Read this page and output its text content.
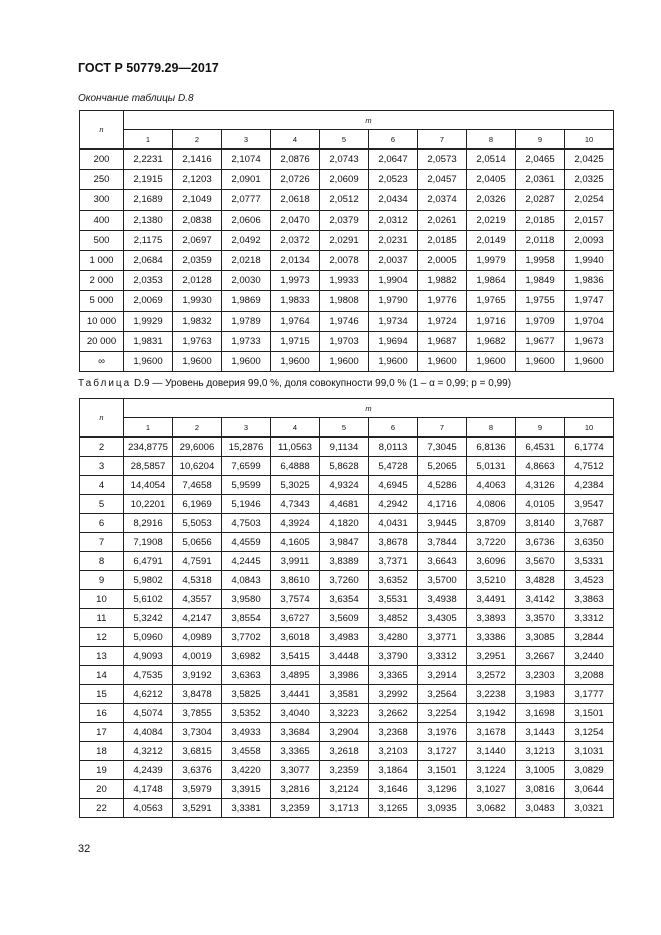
ГОСТ Р 50779.29—2017
Окончание таблицы D.8
n	m									
	1	2	3	4	5	6	7	8	9	10
200	2,2231	2,1416	2,1074	2,0876	2,0743	2,0647	2,0573	2,0514	2,0465	2,0425
250	2,1915	2,1203	2,0901	2,0726	2,0609	2,0523	2,0457	2,0405	2,0361	2,0325
300	2,1689	2,1049	2,0777	2,0618	2,0512	2,0434	2,0374	2,0326	2,0287	2,0254
400	2,1380	2,0838	2,0606	2,0470	2,0379	2,0312	2,0261	2,0219	2,0185	2,0157
500	2,1175	2,0697	2,0492	2,0372	2,0291	2,0231	2,0185	2,0149	2,0118	2,0093
1 000	2,0684	2,0359	2,0218	2,0134	2,0078	2,0037	2,0005	1,9979	1,9958	1,9940
2 000	2,0353	2,0128	2,0030	1,9973	1,9933	1,9904	1,9882	1,9864	1,9849	1,9836
5 000	2,0069	1,9930	1,9869	1,9833	1,9808	1,9790	1,9776	1,9765	1,9755	1,9747
10 000	1,9929	1,9832	1,9789	1,9764	1,9746	1,9734	1,9724	1,9716	1,9709	1,9704
20 000	1,9831	1,9763	1,9733	1,9715	1,9703	1,9694	1,9687	1,9682	1,9677	1,9673
∞	1,9600	1,9600	1,9600	1,9600	1,9600	1,9600	1,9600	1,9600	1,9600	1,9600
Таблица D.9 — Уровень доверия 99,0 %, доля совокупности 99,0 % (1 – α = 0,99; p = 0,99)
n	m									
	1	2	3	4	5	6	7	8	9	10
2	234,8775	29,6006	15,2876	11,0563	9,1134	8,0113	7,3045	6,8136	6,4531	6,1774
3	28,5857	10,6204	7,6599	6,4888	5,8628	5,4728	5,2065	5,0131	4,8663	4,7512
4	14,4054	7,4658	5,9599	5,3025	4,9324	4,6945	4,5286	4,4063	4,3126	4,2384
5	10,2201	6,1969	5,1946	4,7343	4,4681	4,2942	4,1716	4,0806	4,0105	3,9547
6	8,2916	5,5053	4,7503	4,3924	4,1820	4,0431	3,9445	3,8709	3,8140	3,7687
7	7,1908	5,0656	4,4559	4,1605	3,9847	3,8678	3,7844	3,7220	3,6736	3,6350
8	6,4791	4,7591	4,2445	3,9911	3,8389	3,7371	3,6643	3,6096	3,5670	3,5331
9	5,9802	4,5318	4,0843	3,8610	3,7260	3,6352	3,5700	3,5210	3,4828	3,4523
10	5,6102	4,3557	3,9580	3,7574	3,6354	3,5531	3,4938	3,4491	3,4142	3,3863
11	5,3242	4,2147	3,8554	3,6727	3,5609	3,4852	3,4305	3,3893	3,3570	3,3312
12	5,0960	4,0989	3,7702	3,6018	3,4983	3,4280	3,3771	3,3386	3,3085	3,2844
13	4,9093	4,0019	3,6982	3,5415	3,4448	3,3790	3,3312	3,2951	3,2667	3,2440
14	4,7535	3,9192	3,6363	3,4895	3,3986	3,3365	3,2914	3,2572	3,2303	3,2088
15	4,6212	3,8478	3,5825	3,4441	3,3581	3,2992	3,2564	3,2238	3,1983	3,1777
16	4,5074	3,7855	3,5352	3,4040	3,3223	3,2662	3,2254	3,1942	3,1698	3,1501
17	4,4084	3,7304	3,4933	3,3684	3,2904	3,2368	3,1976	3,1678	3,1443	3,1254
18	4,3212	3,6815	3,4558	3,3365	3,2618	3,2103	3,1727	3,1440	3,1213	3,1031
19	4,2439	3,6376	3,4220	3,3077	3,2359	3,1864	3,1501	3,1224	3,1005	3,0829
20	4,1748	3,5979	3,3915	3,2816	3,2124	3,1646	3,1296	3,1027	3,0816	3,0644
22	4,0563	3,5291	3,3381	3,2359	3,1713	3,1265	3,0935	3,0682	3,0483	3,0321
32
